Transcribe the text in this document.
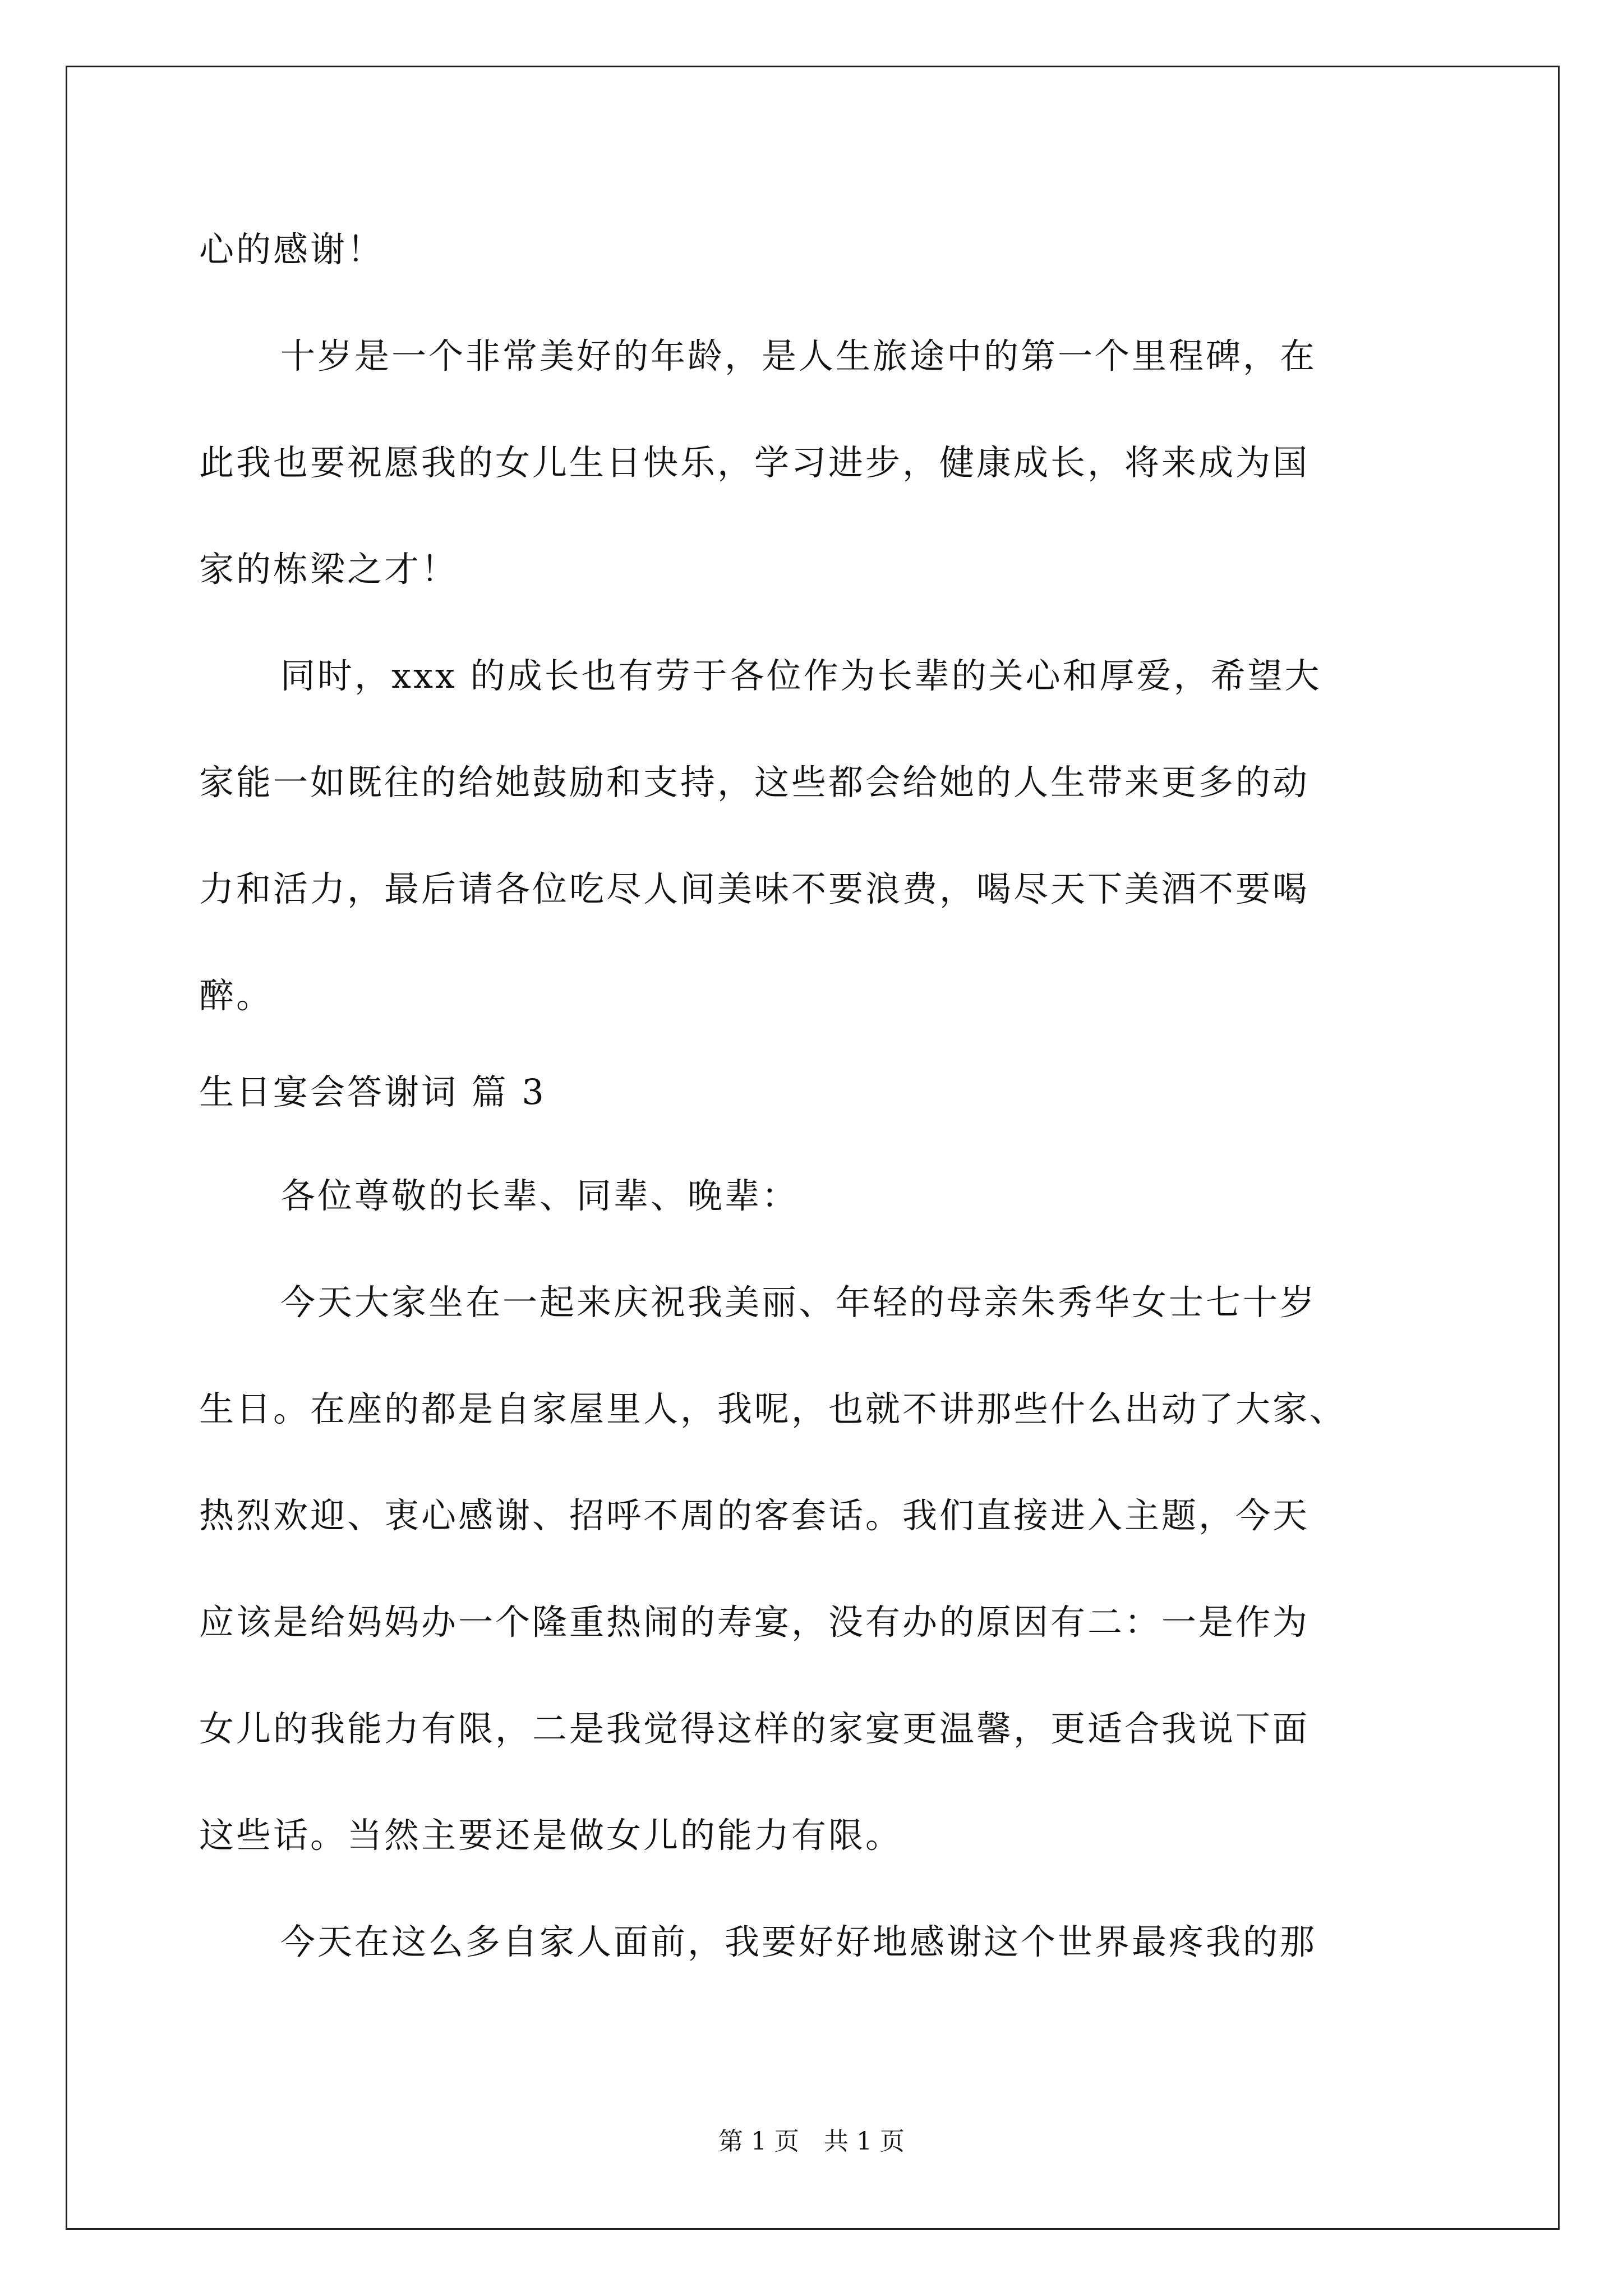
心的感谢！
十岁是一个非常美好的年龄，是人生旅途中的第一个里程碑，在
此我也要祝愿我的女儿生日快乐，学习进步，健康成长，将来成为国
家的栋梁之才！
同时，xxx 的成长也有劳于各位作为长辈的关心和厚爱，希望大
家能一如既往的给她鼓励和支持，这些都会给她的人生带来更多的动
力和活力，最后请各位吃尽人间美味不要浪费，喝尽天下美酒不要喝
醉。
生日宴会答谢词 篇 3
各位尊敬的长辈、同辈、晚辈：
今天大家坐在一起来庆祝我美丽、年轻的母亲朱秀华女士七十岁
生日。在座的都是自家屋里人，我呢，也就不讲那些什么出动了大家、
热烈欢迎、衷心感谢、招呼不周的客套话。我们直接进入主题，今天
应该是给妈妈办一个隆重热闹的寿宴，没有办的原因有二：一是作为
女儿的我能力有限，二是我觉得这样的家宴更温馨，更适合我说下面
这些话。当然主要还是做女儿的能力有限。
今天在这么多自家人面前，我要好好地感谢这个世界最疼我的那
第 1 页　共 1 页
